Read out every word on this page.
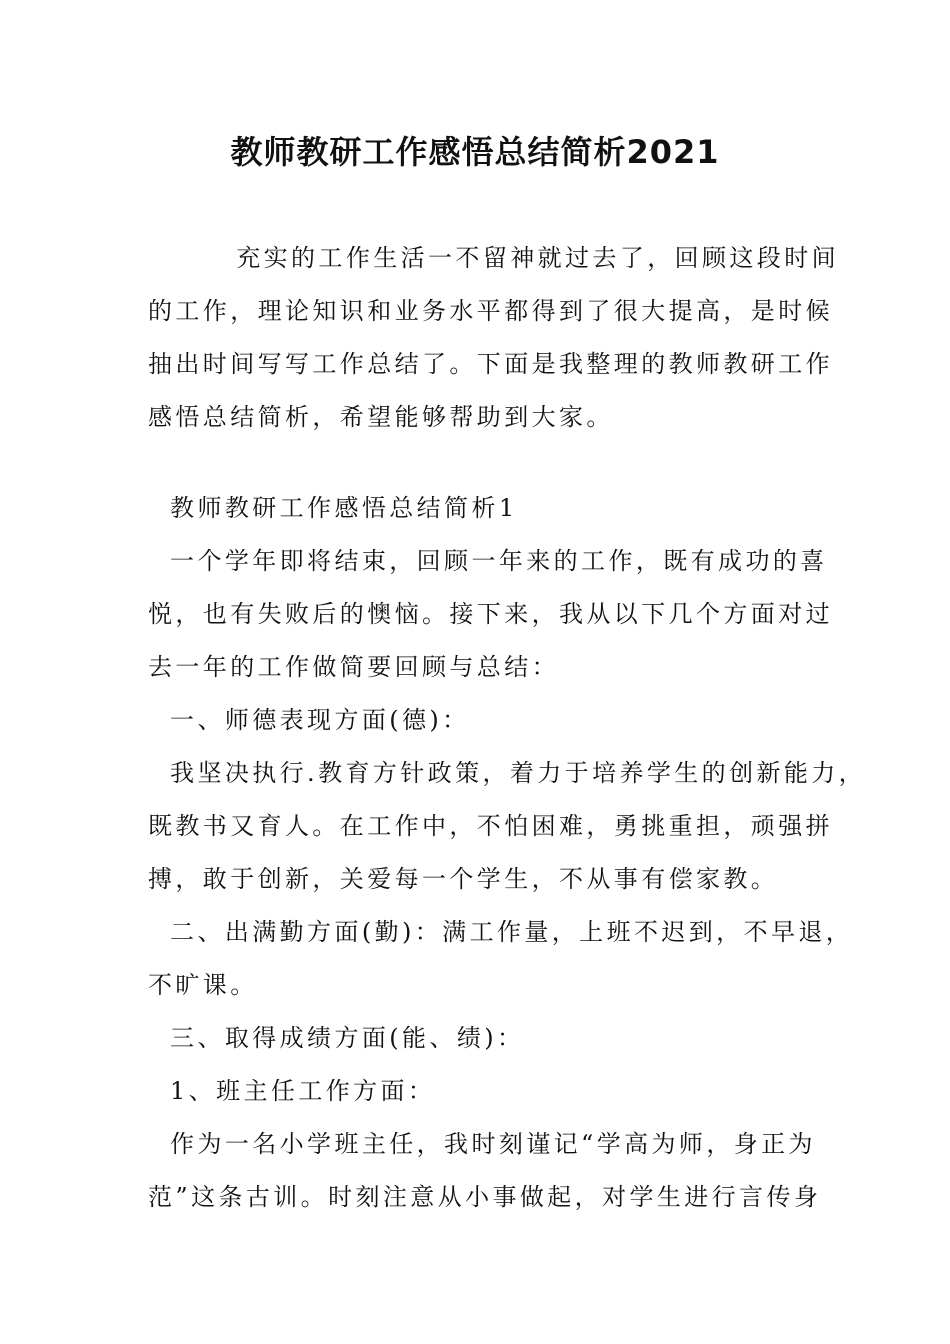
教师教研工作感悟总结简析2021
充实的工作生活一不留神就过去了，回顾这段时间
的工作，理论知识和业务水平都得到了很大提高，是时候
抽出时间写写工作总结了。下面是我整理的教师教研工作
感悟总结简析，希望能够帮助到大家。
教师教研工作感悟总结简析1
一个学年即将结束，回顾一年来的工作，既有成功的喜
悦，也有失败后的懊恼。接下来，我从以下几个方面对过
去一年的工作做简要回顾与总结：
一、师德表现方面(德)：
我坚决执行.教育方针政策，着力于培养学生的创新能力，
既教书又育人。在工作中，不怕困难，勇挑重担，顽强拼
搏，敢于创新，关爱每一个学生，不从事有偿家教。
二、出满勤方面(勤)：满工作量，上班不迟到，不早退，
不旷课。
三、取得成绩方面(能、绩)：
1、班主任工作方面：
作为一名小学班主任，我时刻谨记“学高为师，身正为
范”这条古训。时刻注意从小事做起，对学生进行言传身
